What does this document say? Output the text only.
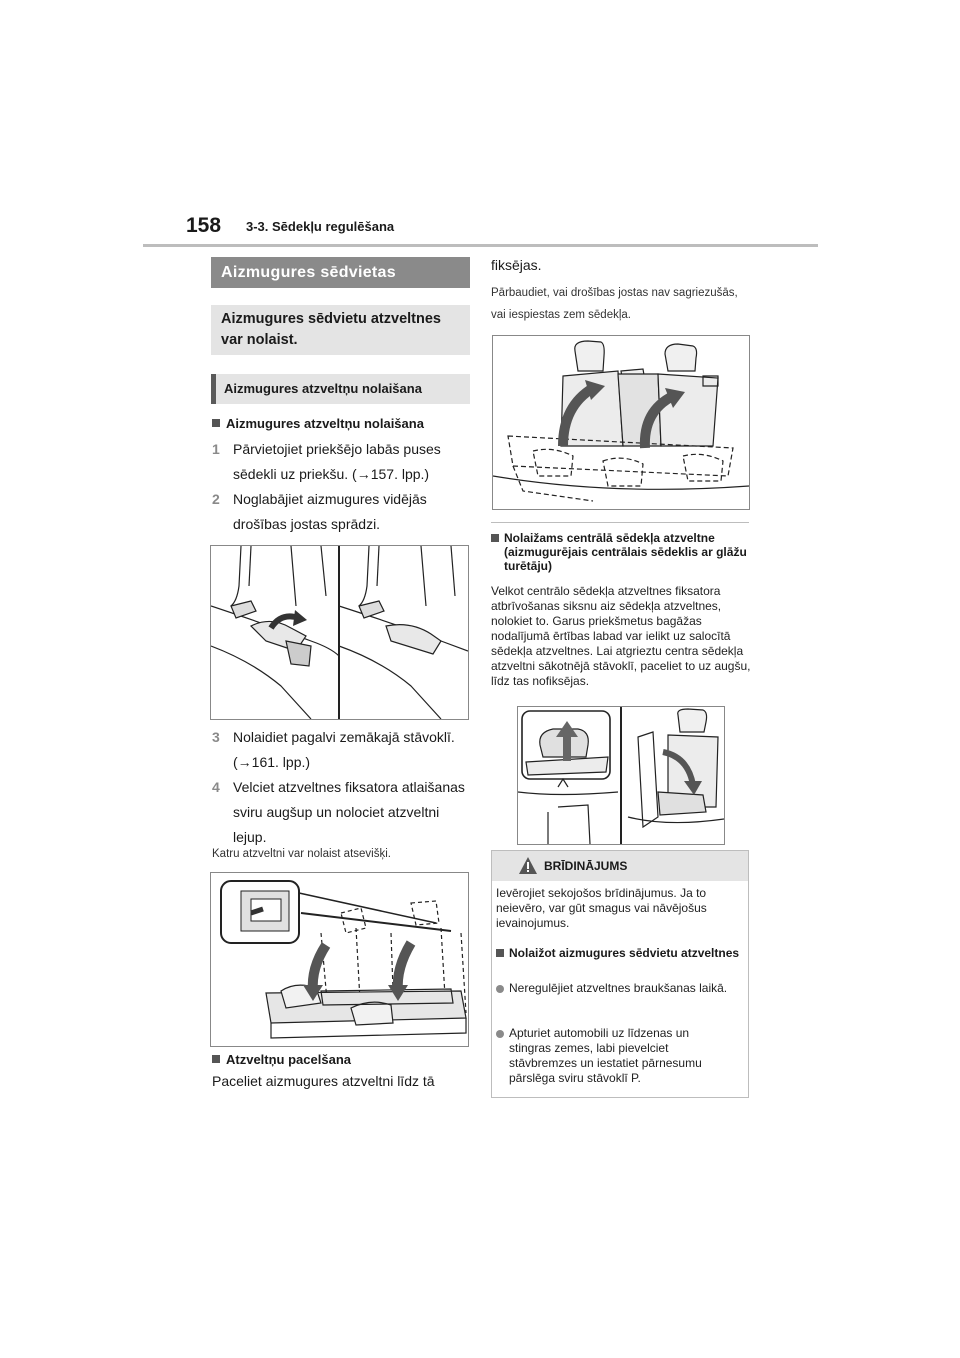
158 3-3. Sēdekļu regulēšana
Aizmugures sēdvietas
Aizmugures sēdvietu atzveltnes var nolaist.
Aizmugures atzveltņu nolaišana
Aizmugures atzveltņu nolaišana
1 Pārvietojiet priekšējo labās puses sēdekli uz priekšu. (→157. lpp.)
2 Noglabājiet aizmugures vidējās drošības jostas sprādzi.
3 Nolaidiet pagalvi zemākajā stāvoklī. (→161. lpp.)
4 Velciet atzveltnes fiksatora atlaišanas sviru augšup un nolociet atzveltni lejup.
Katru atzveltni var nolaist atsevišķi.
Atzveltņu pacelšana
Paceliet aizmugures atzveltni līdz tā
fiksējas.
Pārbaudiet, vai drošības jostas nav sagriezušās, vai iespiestas zem sēdekļa.
Nolaižams centrālā sēdekļa atzveltne (aizmugurējais centrālais sēdeklis ar glāžu turētāju)
Velkot centrālo sēdekļa atzveltnes fiksatora atbrīvošanas siksnu aiz sēdekļa atzveltnes, nolokiet to. Garus priekšmetus bagāžas nodalījumā ērtības labad var ielikt uz salocītā sēdekļa atzveltnes. Lai atgrieztu centra sēdekļa atzveltni sākotnējā stāvoklī, paceliet to uz augšu, līdz tas nofiksējas.
BRĪDINĀJUMS
Ievērojiet sekojošos brīdinājumus. Ja to neievēro, var gūt smagus vai nāvējošus ievainojumus.
Nolaižot aizmugures sēdvietu atzveltnes
Neregulējiet atzveltnes braukšanas laikā.
Apturiet automobili uz līdzenas un stingras zemes, labi pievelciet stāvbremzes un iestatiet pārnesumu pārslēga sviru stāvoklī P.
